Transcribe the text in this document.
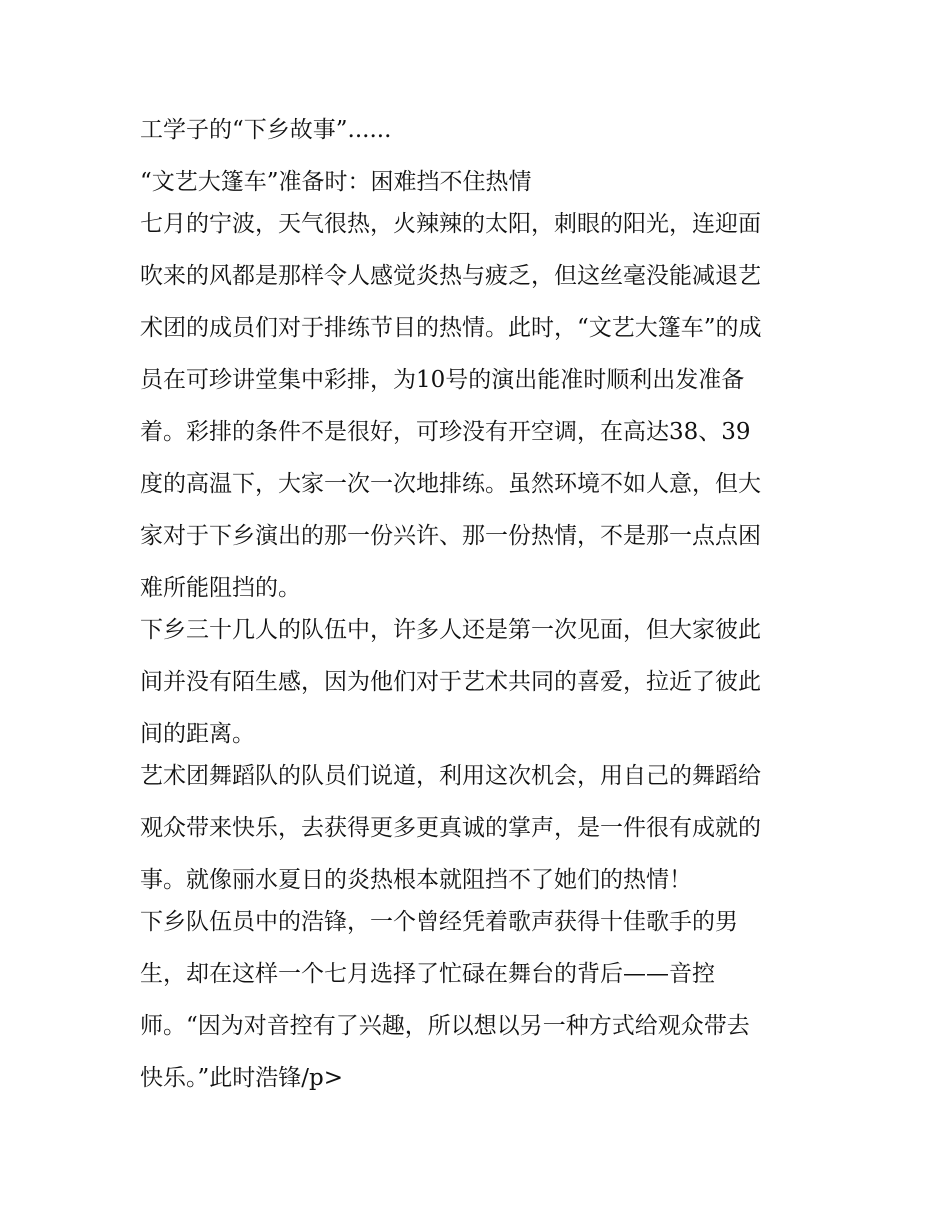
工学子的“下乡故事”......
“文艺大篷车”准备时：困难挡不住热情
七月的宁波，天气很热，火辣辣的太阳，刺眼的阳光，连迎面
吹来的风都是那样令人感觉炎热与疲乏，但这丝毫没能减退艺
术团的成员们对于排练节目的热情。此时，“文艺大篷车”的成
员在可珍讲堂集中彩排，为10号的演出能准时顺利出发准备
着。彩排的条件不是很好，可珍没有开空调，在高达38、39
度的高温下，大家一次一次地排练。虽然环境不如人意，但大
家对于下乡演出的那一份兴许、那一份热情，不是那一点点困
难所能阻挡的。
下乡三十几人的队伍中，许多人还是第一次见面，但大家彼此
间并没有陌生感，因为他们对于艺术共同的喜爱，拉近了彼此
间的距离。
艺术团舞蹈队的队员们说道，利用这次机会，用自己的舞蹈给
观众带来快乐，去获得更多更真诚的掌声，是一件很有成就的
事。就像丽水夏日的炎热根本就阻挡不了她们的热情！
下乡队伍员中的浩锋，一个曾经凭着歌声获得十佳歌手的男
生，却在这样一个七月选择了忙碌在舞台的背后——音控
师。“因为对音控有了兴趣，所以想以另一种方式给观众带去
快乐。”此时浩锋/p>
